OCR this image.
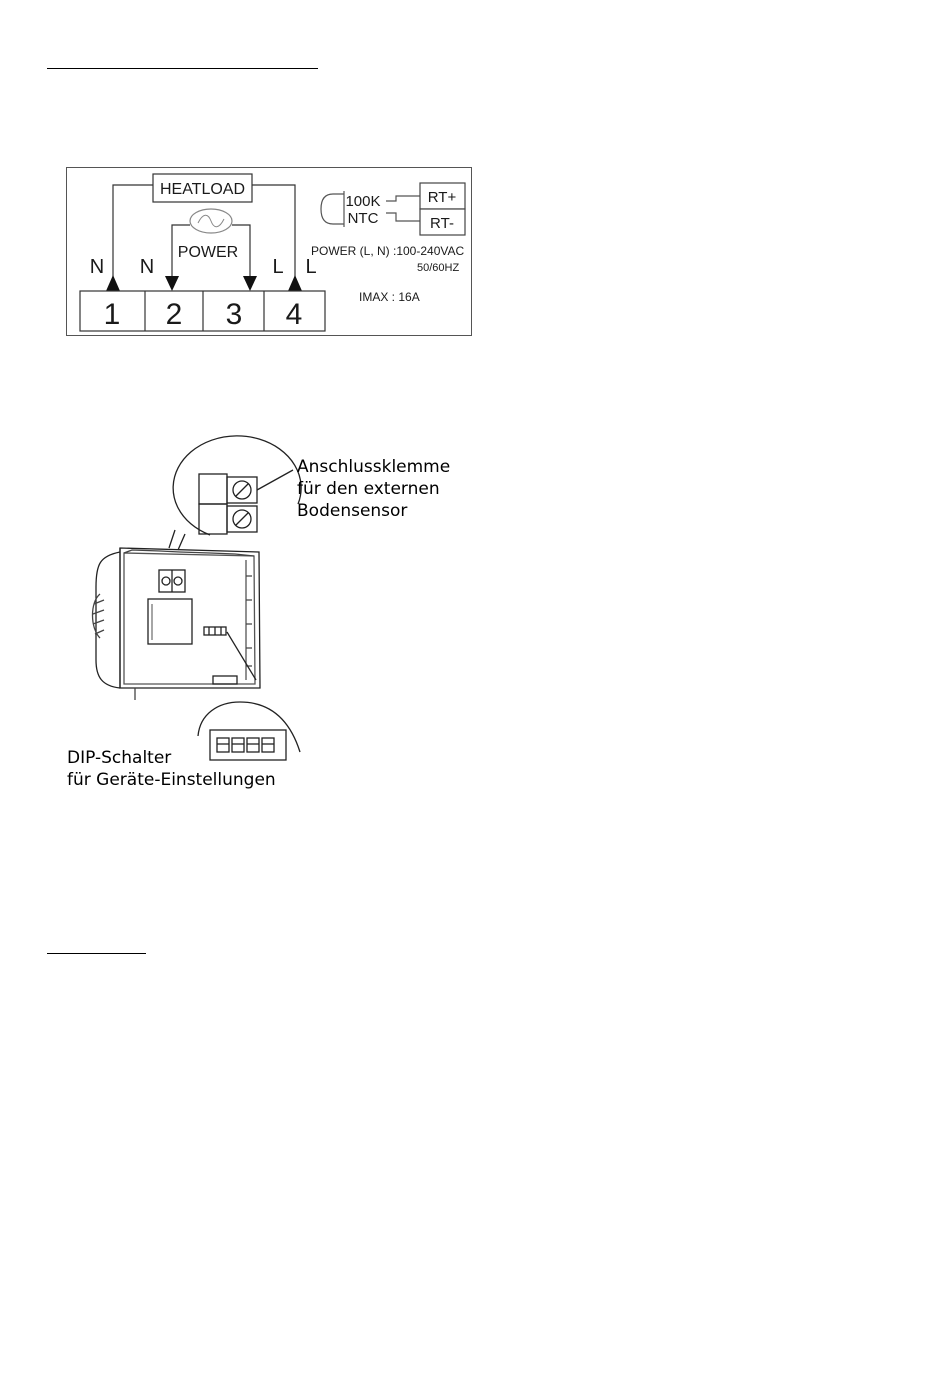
HEATLOAD
POWER
N N	L L
1 2 3 4
100K
NTC
RT+
RT-
POWER (L, N) :100-240VAC
50/60HZ
IMAX : 16A
Anschlussklemme
für den externen
Bodensensor
DIP-Schalter
für Geräte-Einstellungen
